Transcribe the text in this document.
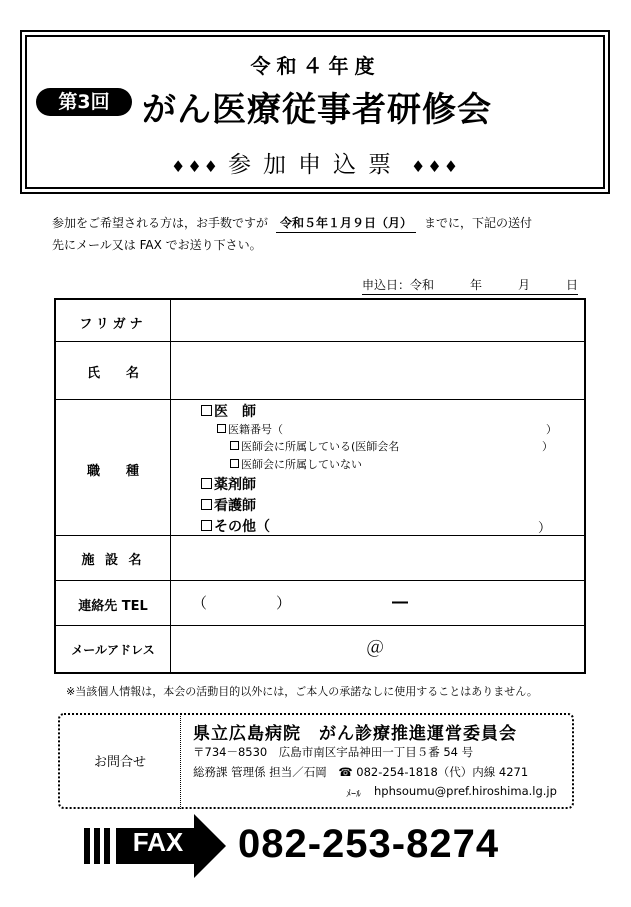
令和４年度
第3回 がん医療従事者研修会
♦♦♦ 参加申込票 ♦♦♦
参加をご希望される方は，お手数ですが 令和５年１月９日（月） までに，下記の送付
先にメール又は FAX でお送り下さい。
申込日：令和　　　年　　　月　　　日
フリガナ
氏　　名
職　　種
医　師
医籍番号（	）
医師会に所属している(医師会名	）
医師会に所属していない
薬剤師
看護師
その他（	）
施 設 名
連絡先 TEL	（	）	―
メールアドレス	＠
※当該個人情報は，本会の活動目的以外には，ご本人の承諾なしに使用することはありません。
お問合せ
県立広島病院　がん診療推進運営委員会
〒734－8530　広島市南区宇品神田一丁目５番 54 号
総務課 管理係 担当／石岡　☎ 082-254-1818（代）内線 4271
ﾒｰﾙ hphsoumu@pref.hiroshima.lg.jp
FAX	082-253-8274
